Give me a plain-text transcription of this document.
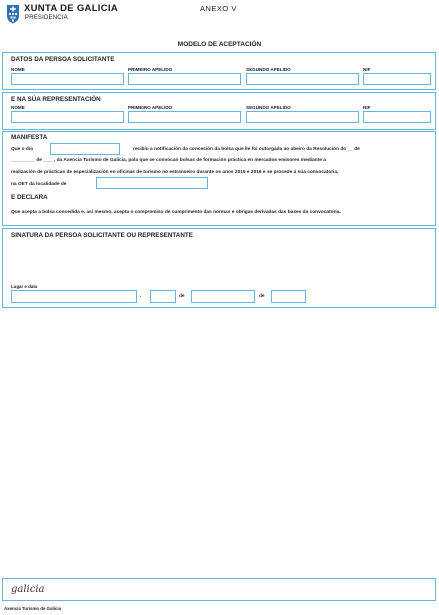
XUNTA DE GALICIA
PRESIDENCIA
ANEXO V
MODELO DE ACEPTACIÓN
DATOS DA PERSOA SOLICITANTE
NOME	PRIMEIRO APELIDO	SEGUNDO APELIDO	NIF
E NA SÚA REPRESENTACIÓN
NOME	PRIMEIRO APELIDO	SEGUNDO APELIDO	NIF
MANIFESTA
Que o día	recibiu a notificación da concesión da bolsa que lle foi outorgada ao abeiro da Resolución do __ de
_________ de ____, da Axencia Turismo de Galicia, pola que se convocan bolsas de formación práctica en mercados emisores mediante a
realización de prácticas de especialización en oficinas de turismo no estranxeiro durante os anos 2015 e 2016 e se procede á súa convocatoria,
na OET da localidade de
E DECLARA
Que acepta a bolsa concedida e, así mesmo, acepta o compromiso de cumprimento das normas e obrigas derivadas das bases da convocatoria.
SINATURA DA PERSOA SOLICITANTE OU REPRESENTANTE
Lugar e data
,	de	de
galicia
Axencia Turismo de Galicia
